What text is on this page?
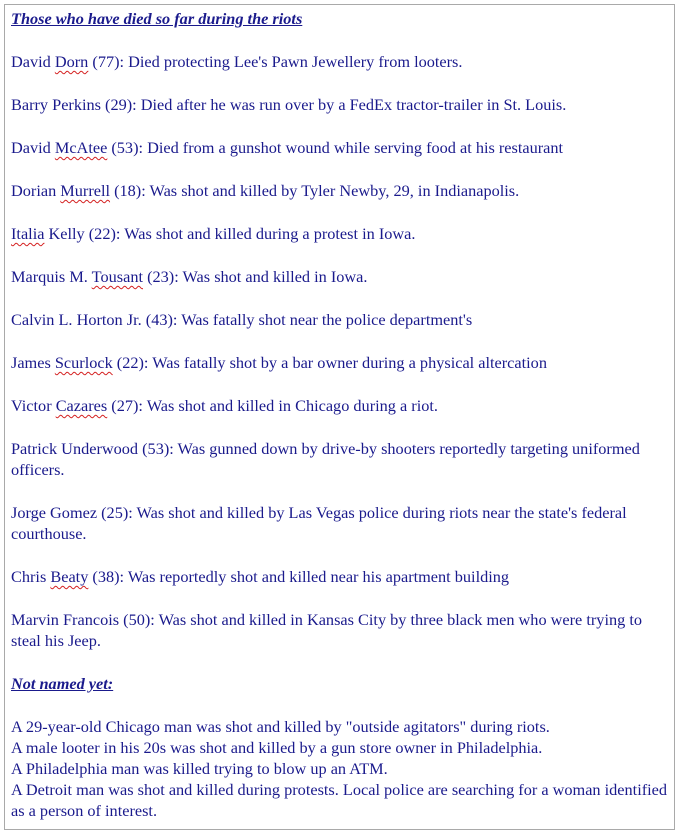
Those who have died so far during the riots

David Dorn (77): Died protecting Lee's Pawn Jewellery from looters.

Barry Perkins (29): Died after he was run over by a FedEx tractor-trailer in St. Louis.

David McAtee (53): Died from a gunshot wound while serving food at his restaurant

Dorian Murrell (18): Was shot and killed by Tyler Newby, 29, in Indianapolis.

Italia Kelly (22): Was shot and killed during a protest in Iowa.

Marquis M. Tousant (23): Was shot and killed in Iowa.

Calvin L. Horton Jr. (43): Was fatally shot near the police department's

James Scurlock (22): Was fatally shot by a bar owner during a physical altercation

Victor Cazares (27): Was shot and killed in Chicago during a riot.

Patrick Underwood (53): Was gunned down by drive-by shooters reportedly targeting uniformed officers.

Jorge Gomez (25): Was shot and killed by Las Vegas police during riots near the state's federal courthouse.

Chris Beaty (38): Was reportedly shot and killed near his apartment building

Marvin Francois (50): Was shot and killed in Kansas City by three black men who were trying to steal his Jeep.

Not named yet:

A 29-year-old Chicago man was shot and killed by "outside agitators" during riots.

A male looter in his 20s was shot and killed by a gun store owner in Philadelphia.

A Philadelphia man was killed trying to blow up an ATM.

A Detroit man was shot and killed during protests. Local police are searching for a woman identified as a person of interest.
